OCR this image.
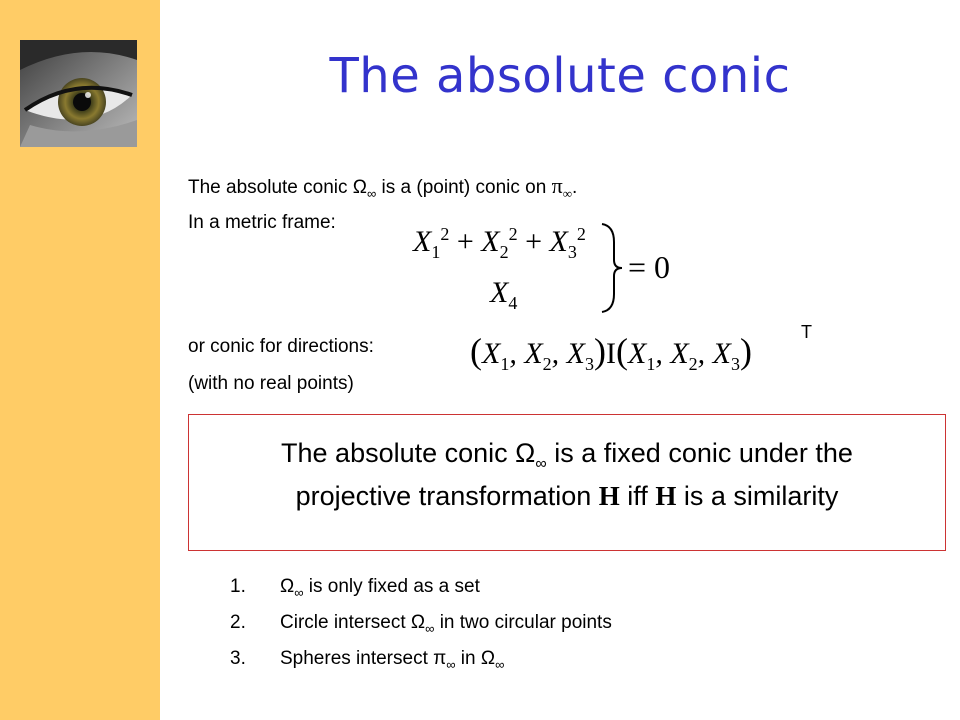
The absolute conic
The absolute conic $\Omega_\infty$ is a (point) conic on $\pi_\infty$.
In a metric frame:
$X_1^2 + X_2^2 + X_3^2$
$X_4$
= 0
or conic for directions:
(with no real points)
($X_1$, $X_2$, $X_3)I(X_1$, $X_2$, $X_3$)	T
The absolute conic $\Omega_\infty$ is a fixed conic under the
projective transformation H iff H is a similarity
1. $\Omega_\infty$ is only fixed as a set
2. Circle intersect $\Omega_\infty$ in two circular points
3. Spheres intersect $\pi_\infty$ in $\Omega_\infty$
